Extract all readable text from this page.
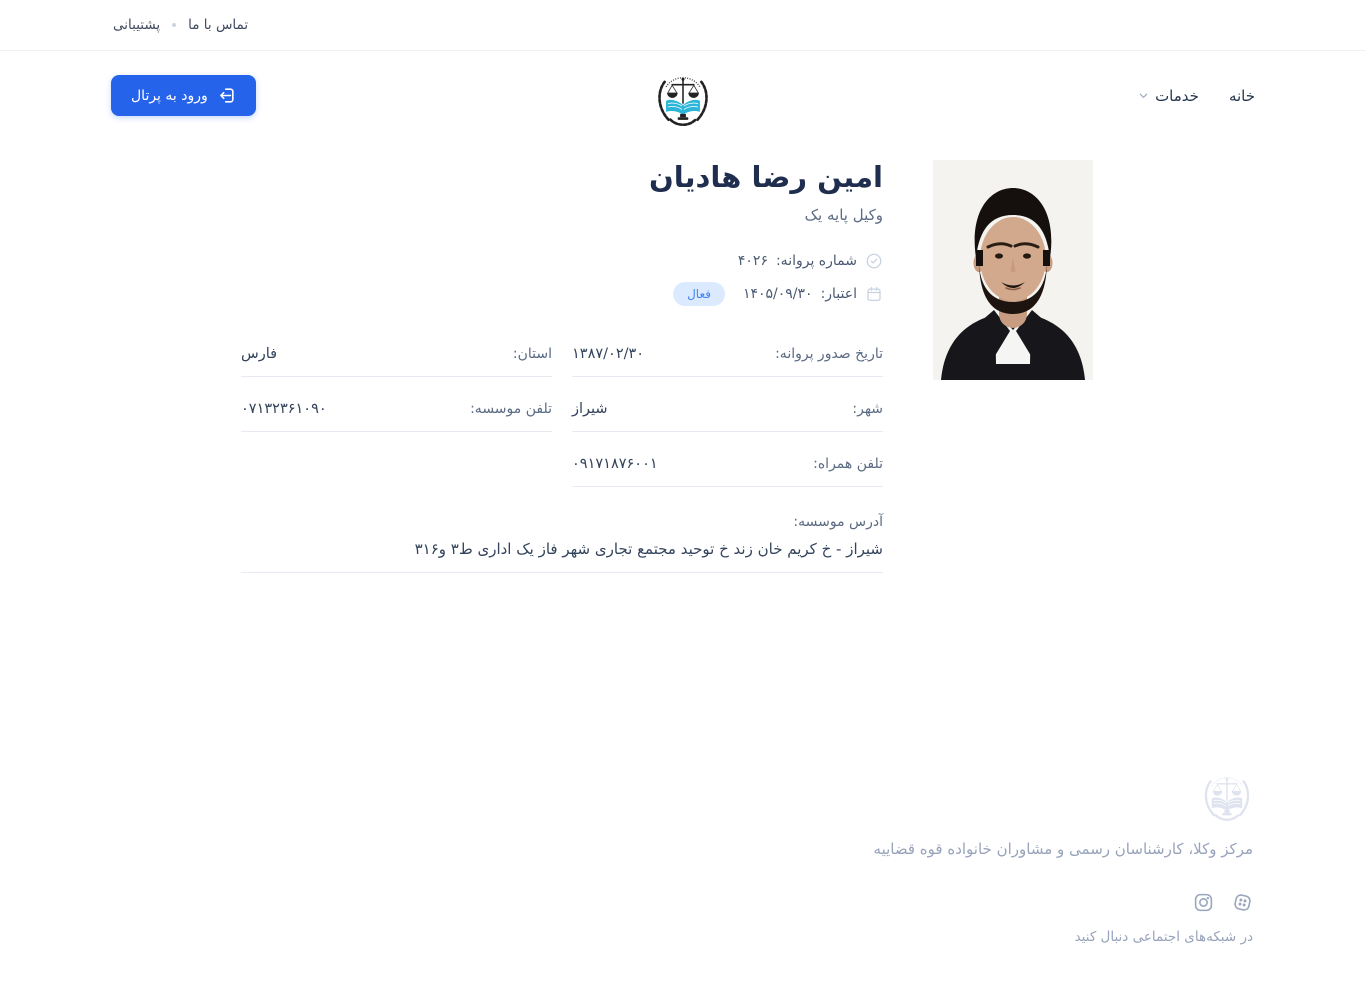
پشتیبانی تماس با ما
ورود به پرتال	خانه
خدمات
امین رضا هادیان
وکیل پایه یک
شماره پروانه:
۴۰۲۶
اعتبار:
۱۴۰۵/۰۹/۳۰
فعال
تاریخ صدور پروانه:
۱۳۸۷/۰۲/۳۰
استان:
فارس
شهر:
شیراز
تلفن موسسه:
۰۷۱۳۲۳۶۱۰۹۰
تلفن همراه:
۰۹۱۷۱۸۷۶۰۰۱
آدرس موسسه:
شیراز - خ کریم خان زند خ توحید مجتمع تجاری شهر فاز یک اداری ط۳ و۳۱۶
مرکز وکلا، کارشناسان رسمی و مشاوران خانواده قوه قضاییه
در شبکه‌های اجتماعی دنبال کنید
